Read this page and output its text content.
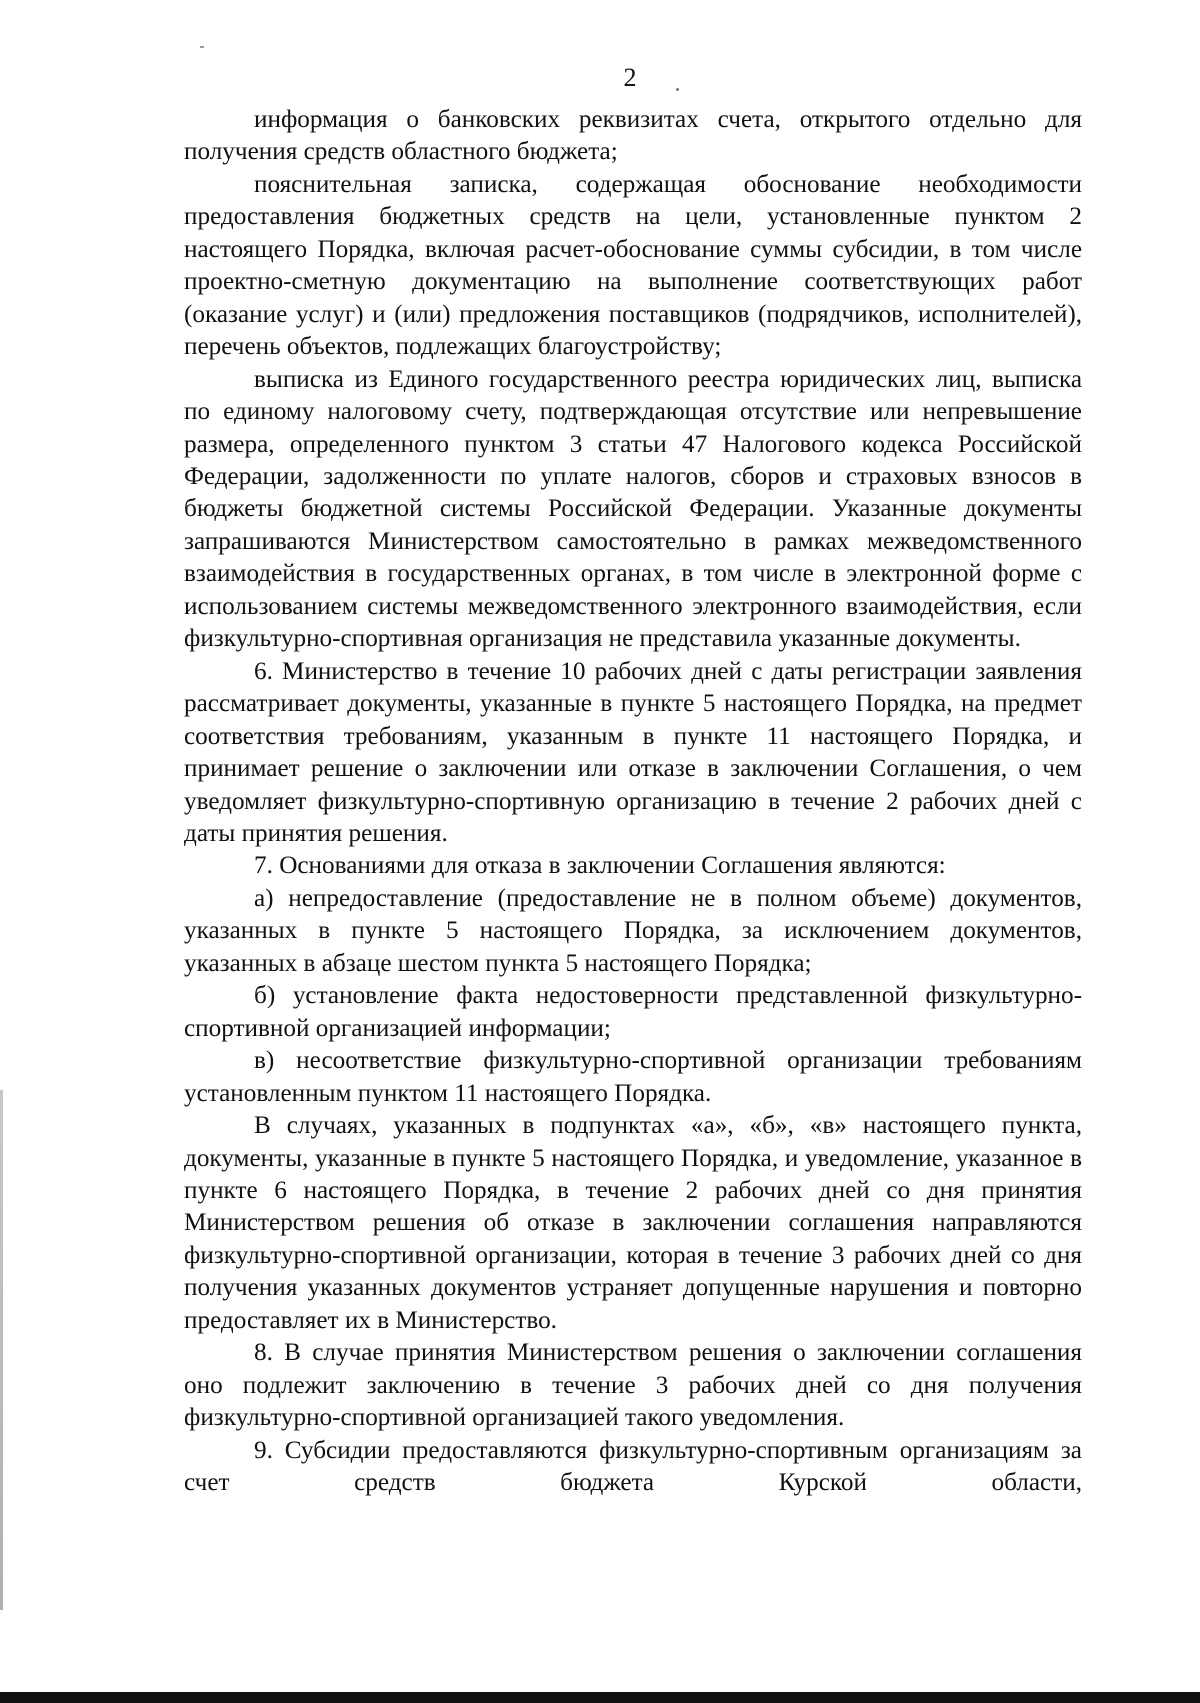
2

информация о банковских реквизитах счета, открытого отдельно для получения средств областного бюджета;

пояснительная записка, содержащая обоснование необходимости предоставления бюджетных средств на цели, установленные пунктом 2 настоящего Порядка, включая расчет-обоснование суммы субсидии, в том числе проектно-сметную документацию на выполнение соответствующих работ (оказание услуг) и (или) предложения поставщиков (подрядчиков, исполнителей), перечень объектов, подлежащих благоустройству;

выписка из Единого государственного реестра юридических лиц, выписка по единому налоговому счету, подтверждающая отсутствие или непревышение размера, определенного пунктом 3 статьи 47 Налогового кодекса Российской Федерации, задолженности по уплате налогов, сборов и страховых взносов в бюджеты бюджетной системы Российской Федерации. Указанные документы запрашиваются Министерством самостоятельно в рамках межведомственного взаимодействия в государственных органах, в том числе в электронной форме с использованием системы межведомственного электронного взаимодействия, если физкультурно-спортивная организация не представила указанные документы.

6. Министерство в течение 10 рабочих дней с даты регистрации заявления рассматривает документы, указанные в пункте 5 настоящего Порядка, на предмет соответствия требованиям, указанным в пункте 11 настоящего Порядка, и принимает решение о заключении или отказе в заключении Соглашения, о чем уведомляет физкультурно-спортивную организацию в течение 2 рабочих дней с даты принятия решения.

7. Основаниями для отказа в заключении Соглашения являются:

а) непредоставление (предоставление не в полном объеме) документов, указанных в пункте 5 настоящего Порядка, за исключением документов, указанных в абзаце шестом пункта 5 настоящего Порядка;

б) установление факта недостоверности представленной физкультурно-спортивной организацией информации;

в) несоответствие физкультурно-спортивной организации требованиям установленным пунктом 11 настоящего Порядка.

В случаях, указанных в подпунктах «а», «б», «в» настоящего пункта, документы, указанные в пункте 5 настоящего Порядка, и уведомление, указанное в пункте 6 настоящего Порядка, в течение 2 рабочих дней со дня принятия Министерством решения об отказе в заключении соглашения направляются физкультурно-спортивной организации, которая в течение 3 рабочих дней со дня получения указанных документов устраняет допущенные нарушения и повторно предоставляет их в Министерство.

8. В случае принятия Министерством решения о заключении соглашения оно подлежит заключению в течение 3 рабочих дней со дня получения физкультурно-спортивной организацией такого уведомления.

9. Субсидии предоставляются физкультурно-спортивным организациям за счет средств бюджета Курской области,
